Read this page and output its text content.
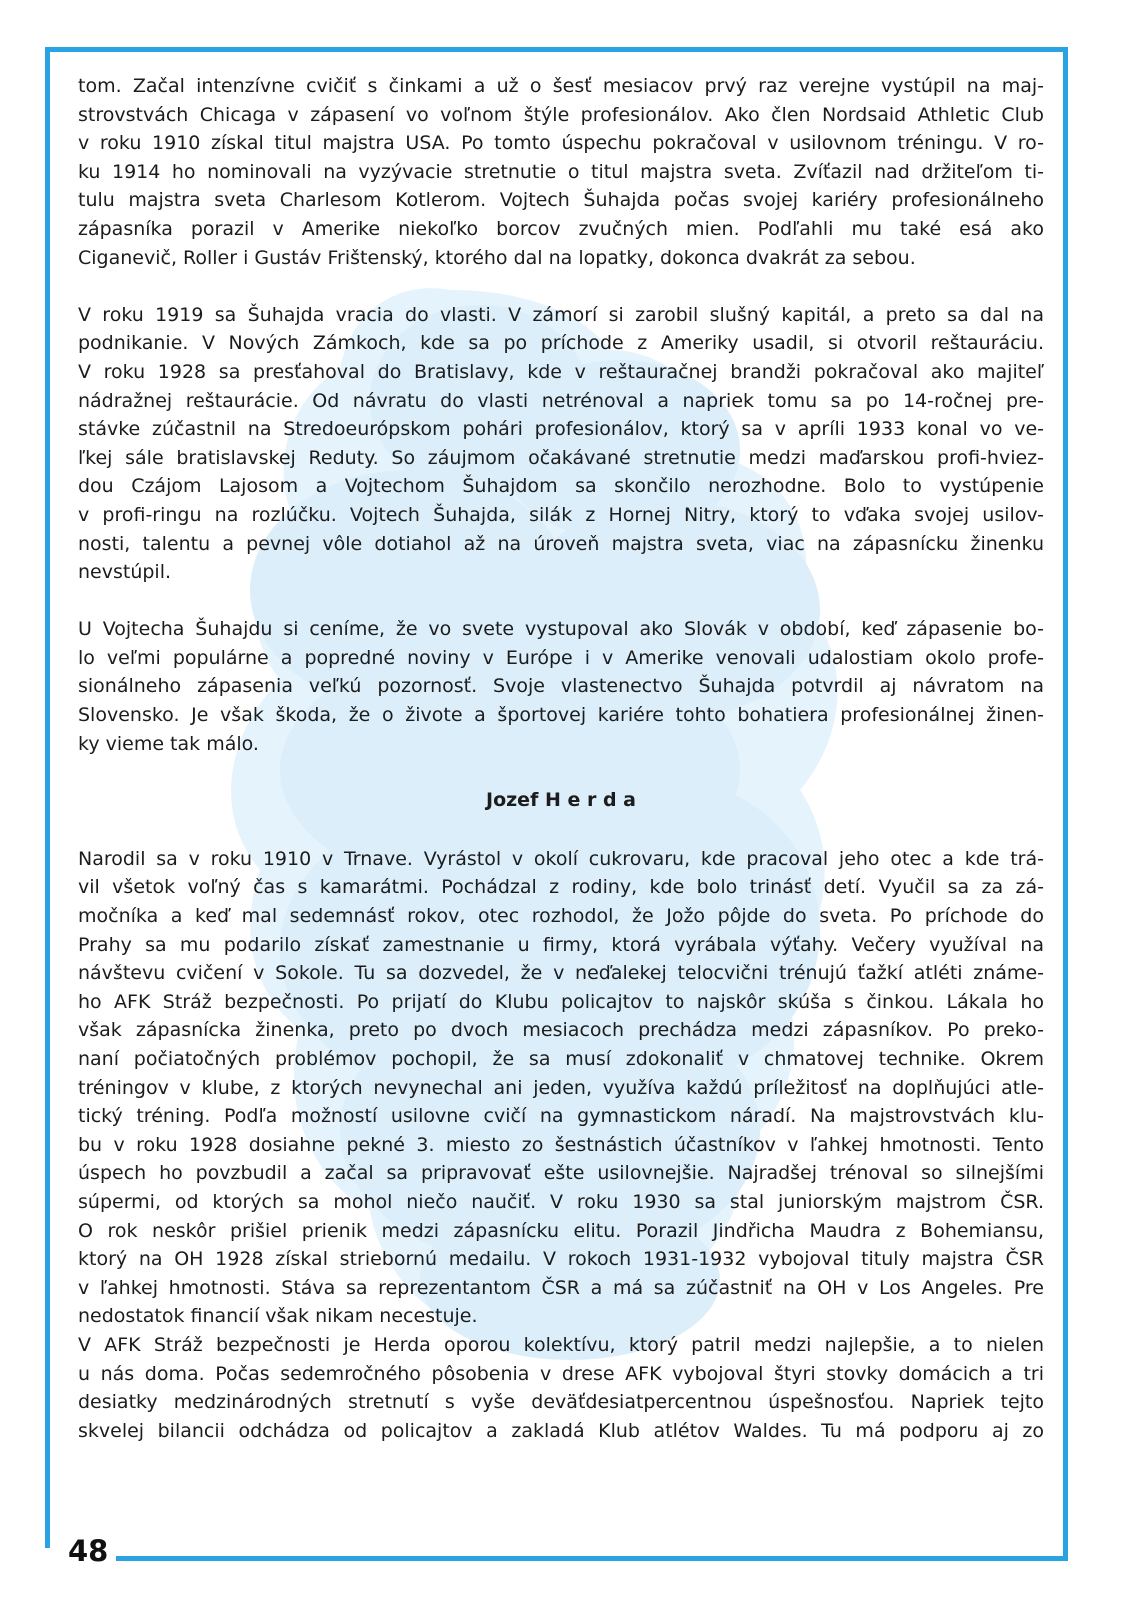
48
tom. Začal intenzívne cvičiť s činkami a už o šesť mesiacov prvý raz verejne vystúpil na maj-
strovstvách Chicaga v zápasení vo voľnom štýle profesionálov. Ako člen Nordsaid Athletic Club
v roku 1910 získal titul majstra USA. Po tomto úspechu pokračoval v usilovnom tréningu. V ro-
ku 1914 ho nominovali na vyzývacie stretnutie o titul majstra sveta. Zvíťazil nad držiteľom ti-
tulu majstra sveta Charlesom Kotlerom. Vojtech Šuhajda počas svojej kariéry profesionálneho
zápasníka porazil v Amerike niekoľko borcov zvučných mien. Podľahli mu také esá ako
Ciganevič, Roller i Gustáv Frištenský, ktorého dal na lopatky, dokonca dvakrát za sebou.
V roku 1919 sa Šuhajda vracia do vlasti. V zámorí si zarobil slušný kapitál, a preto sa dal na
podnikanie. V Nových Zámkoch, kde sa po príchode z Ameriky usadil, si otvoril reštauráciu.
V roku 1928 sa presťahoval do Bratislavy, kde v reštauračnej brandži pokračoval ako majiteľ
nádražnej reštaurácie. Od návratu do vlasti netrénoval a napriek tomu sa po 14-ročnej pre-
stávke zúčastnil na Stredoeurópskom pohári profesionálov, ktorý sa v apríli 1933 konal vo ve-
ľkej sále bratislavskej Reduty. So záujmom očakávané stretnutie medzi maďarskou profi-hviez-
dou Czájom Lajosom a Vojtechom Šuhajdom sa skončilo nerozhodne. Bolo to vystúpenie
v profi-ringu na rozlúčku. Vojtech Šuhajda, silák z Hornej Nitry, ktorý to vďaka svojej usilov-
nosti, talentu a pevnej vôle dotiahol až na úroveň majstra sveta, viac na zápasnícku žinenku
nevstúpil.
U Vojtecha Šuhajdu si ceníme, že vo svete vystupoval ako Slovák v období, keď zápasenie bo-
lo veľmi populárne a popredné noviny v Európe i v Amerike venovali udalostiam okolo profe-
sionálneho zápasenia veľkú pozornosť. Svoje vlastenectvo Šuhajda potvrdil aj návratom na
Slovensko. Je však škoda, že o živote a športovej kariére tohto bohatiera profesionálnej žinen-
ky vieme tak málo.
Jozef H e r d a
Narodil sa v roku 1910 v Trnave. Vyrástol v okolí cukrovaru, kde pracoval jeho otec a kde trá-
vil všetok voľný čas s kamarátmi. Pochádzal z rodiny, kde bolo trinásť detí. Vyučil sa za zá-
močníka a keď mal sedemnásť rokov, otec rozhodol, že Jožo pôjde do sveta. Po príchode do
Prahy sa mu podarilo získať zamestnanie u firmy, ktorá vyrábala výťahy. Večery využíval na
návštevu cvičení v Sokole. Tu sa dozvedel, že v neďalekej telocvični trénujú ťažkí atléti známe-
ho AFK Stráž bezpečnosti. Po prijatí do Klubu policajtov to najskôr skúša s činkou. Lákala ho
však zápasnícka žinenka, preto po dvoch mesiacoch prechádza medzi zápasníkov. Po preko-
naní počiatočných problémov pochopil, že sa musí zdokonaliť v chmatovej technike. Okrem
tréningov v klube, z ktorých nevynechal ani jeden, využíva každú príležitosť na doplňujúci atle-
tický tréning. Podľa možností usilovne cvičí na gymnastickom náradí. Na majstrovstvách klu-
bu v roku 1928 dosiahne pekné 3. miesto zo šestnástich účastníkov v ľahkej hmotnosti. Tento
úspech ho povzbudil a začal sa pripravovať ešte usilovnejšie. Najradšej trénoval so silnejšími
súpermi, od ktorých sa mohol niečo naučiť. V roku 1930 sa stal juniorským majstrom ČSR.
O rok neskôr prišiel prienik medzi zápasnícku elitu. Porazil Jindřicha Maudra z Bohemiansu,
ktorý na OH 1928 získal striebornú medailu. V rokoch 1931-1932 vybojoval tituly majstra ČSR
v ľahkej hmotnosti. Stáva sa reprezentantom ČSR a má sa zúčastniť na OH v Los Angeles. Pre
nedostatok financií však nikam necestuje.
V AFK Stráž bezpečnosti je Herda oporou kolektívu, ktorý patril medzi najlepšie, a to nielen
u nás doma. Počas sedemročného pôsobenia v drese AFK vybojoval štyri stovky domácich a tri
desiatky medzinárodných stretnutí s vyše deväťdesiatpercentnou úspešnosťou. Napriek tejto
skvelej bilancii odchádza od policajtov a zakladá Klub atlétov Waldes. Tu má podporu aj zo
